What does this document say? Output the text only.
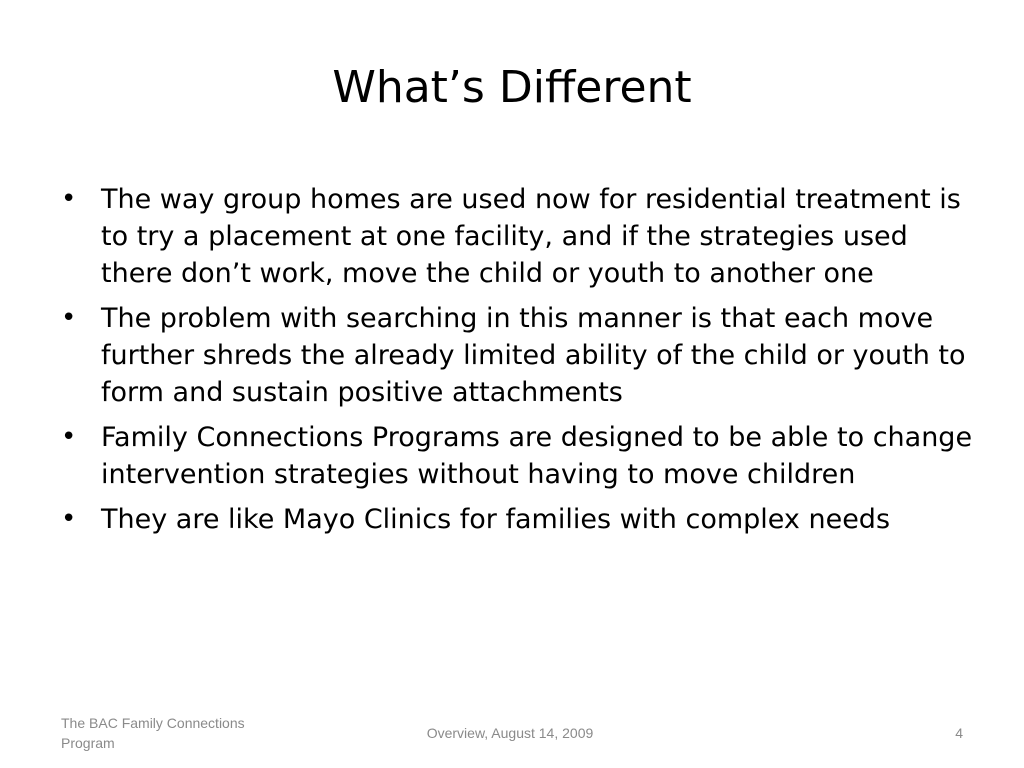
What’s Different
• The way group homes are used now for residential treatment is to try a placement at one facility, and if the strategies used there don’t work, move the child or youth to another one
• The problem with searching in this manner is that each move further shreds the already limited ability of the child or youth to form and sustain positive attachments
• Family Connections Programs are designed to be able to change intervention strategies without having to move children
• They are like Mayo Clinics for families with complex needs
The BAC Family Connections Program
Overview, August 14, 2009	4
